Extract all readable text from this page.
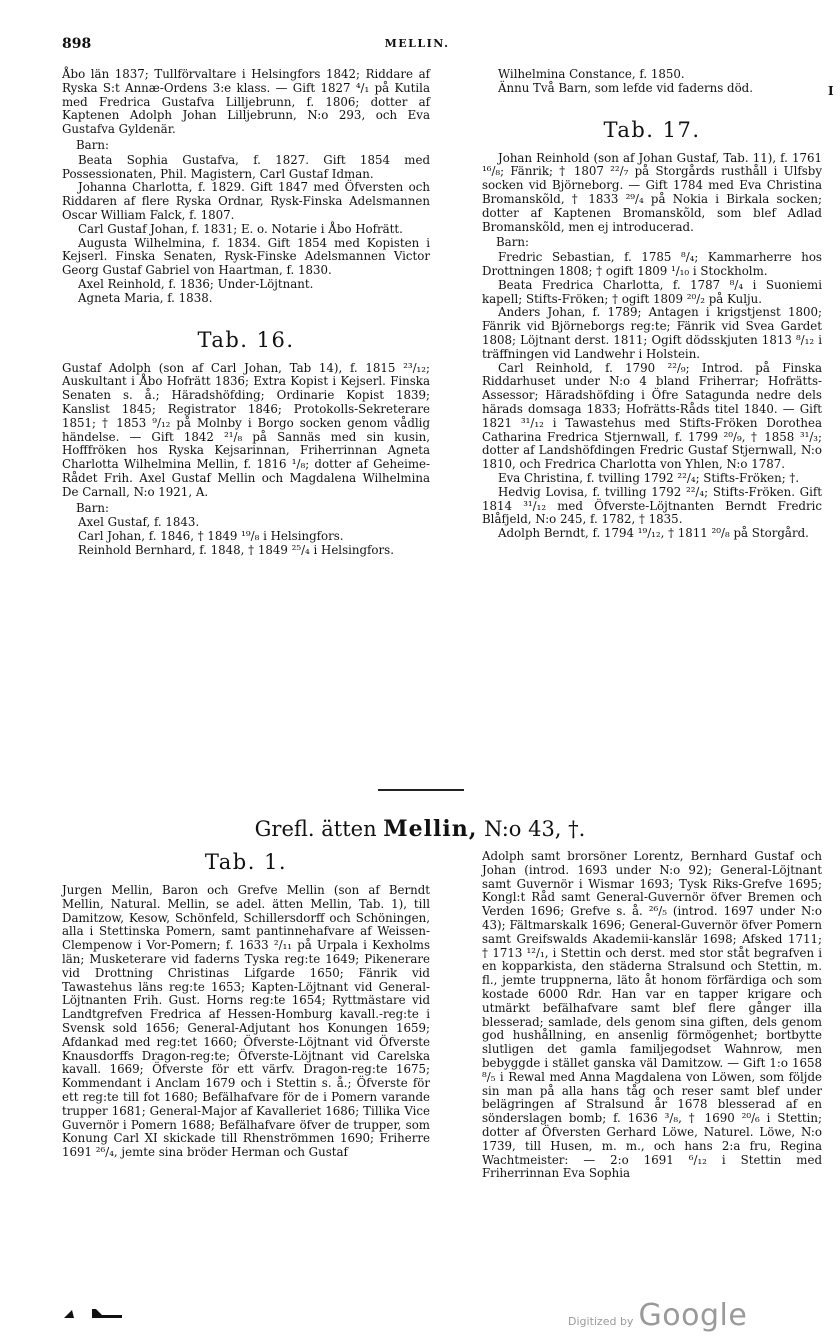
898	MELLIN.
I

Åbo län 1837; Tullförvaltare i Helsingfors 1842; Riddare af Ryska S:t Annæ-Ordens 3:e klass. — Gift 1827 ⁴/₁ på Kutila med Fredrica Gustafva Lilljebrunn, f. 1806; dotter af Kaptenen Adolph Johan Lilljebrunn, N:o 293, och Eva Gustafva Gyldenär.

Barn:

Beata Sophia Gustafva, f. 1827. Gift 1854 med Possessionaten, Phil. Magistern, Carl Gustaf Idman.

Johanna Charlotta, f. 1829. Gift 1847 med Öfversten och Riddaren af flere Ryska Ordnar, Rysk-Finska Adelsmannen Oscar William Falck, f. 1807.

Carl Gustaf Johan, f. 1831; E. o. Notarie i Åbo Hofrätt.

Augusta Wilhelmina, f. 1834. Gift 1854 med Kopisten i Kejserl. Finska Senaten, Rysk-Finske Adelsmannen Victor Georg Gustaf Gabriel von Haartman, f. 1830.

Axel Reinhold, f. 1836; Under-Löjtnant.

Agneta Maria, f. 1838.

Tab. 16.

Gustaf Adolph (son af Carl Johan, Tab 14), f. 1815 ²³/₁₂; Auskultant i Åbo Hofrätt 1836; Extra Kopist i Kejserl. Finska Senaten s. å.; Häradshöfding; Ordinarie Kopist 1839; Kanslist 1845; Registrator 1846; Protokolls-Sekreterare 1851; † 1853 ⁹/₁₂ på Molnby i Borgo socken genom vådlig händelse. — Gift 1842 ²¹/₈ på Sannäs med sin kusin, Hofffröken hos Ryska Kejsarinnan, Friherrinnan Agneta Charlotta Wilhelmina Mellin, f. 1816 ¹/₈; dotter af Geheime-Rådet Frih. Axel Gustaf Mellin och Magdalena Wilhelmina De Carnall, N:o 1921, A.

Barn:

Axel Gustaf, f. 1843.

Carl Johan, f. 1846, † 1849 ¹⁹/₈ i Helsingfors.

Reinhold Bernhard, f. 1848, † 1849 ²⁵/₄ i Helsingfors.

Wilhelmina Constance, f. 1850.

Ännu Två Barn, som lefde vid faderns död.

Tab. 17.

Johan Reinhold (son af Johan Gustaf, Tab. 11), f. 1761 ¹⁶/₈; Fänrik; † 1807 ²²/₇ på Storgårds rusthåll i Ulfsby socken vid Björneborg. — Gift 1784 med Eva Christina Bromanskõld, † 1833 ²⁹/₄ på Nokia i Birkala socken; dotter af Kaptenen Bromanskõld, som blef Adlad Bromanskõld, men ej introducerad.

Barn:

Fredric Sebastian, f. 1785 ⁸/₄; Kammarherre hos Drottningen 1808; † ogift 1809 ¹/₁₀ i Stockholm.

Beata Fredrica Charlotta, f. 1787 ⁸/₄ i Suoniemi kapell; Stifts-Fröken; † ogift 1809 ²⁰/₂ på Kulju.

Anders Johan, f. 1789; Antagen i krigstjenst 1800; Fänrik vid Björneborgs reg:te; Fänrik vid Svea Gardet 1808; Löjtnant derst. 1811; Ogift dödsskjuten 1813 ⁸/₁₂ i träffningen vid Landwehr i Holstein.

Carl Reinhold, f. 1790 ²²/₉; Introd. på Finska Riddarhuset under N:o 4 bland Friherrar; Hofrätts-Assessor; Häradshöfding i Öfre Satagunda nedre dels härads domsaga 1833; Hofrätts-Råds titel 1840. — Gift 1821 ³¹/₁₂ i Tawastehus med Stifts-Fröken Dorothea Catharina Fredrica Stjernwall, f. 1799 ²⁰/₉, † 1858 ³¹/₃; dotter af Landshöfdingen Fredric Gustaf Stjernwall, N:o 1810, och Fredrica Charlotta von Yhlen, N:o 1787.

Eva Christina, f. tvilling 1792 ²²/₄; Stifts-Fröken; †.

Hedvig Lovisa, f. tvilling 1792 ²²/₄; Stifts-Fröken. Gift 1814 ³¹/₁₂ med Öfverste-Löjtnanten Berndt Fredric Blåfjeld, N:o 245, f. 1782, † 1835.

Adolph Berndt, f. 1794 ¹⁹/₁₂, † 1811 ²⁰/₈ på Storgård.

Grefl. ätten Mellin, N:o 43, †.
Tab. 1.

Jurgen Mellin, Baron och Grefve Mellin (son af Berndt Mellin, Natural. Mellin, se adel. ätten Mellin, Tab. 1), till Damitzow, Kesow, Schönfeld, Schillersdorff och Schöningen, alla i Stettinska Pomern, samt pantinnehafvare af Weissen-Clempenow i Vor-Pomern; f. 1633 ²/₁₁ på Urpala i Kexholms län; Musketerare vid faderns Tyska reg:te 1649; Pikenerare vid Drottning Christinas Lifgarde 1650; Fänrik vid Tawastehus läns reg:te 1653; Kapten-Löjtnant vid General-Löjtnanten Frih. Gust. Horns reg:te 1654; Ryttmästare vid Landtgrefven Fredrica af Hessen-Homburg kavall.-reg:te i Svensk sold 1656; General-Adjutant hos Konungen 1659; Afdankad med reg:tet 1660; Öfverste-Löjtnant vid Öfverste Knausdorffs Dragon-reg:te; Öfverste-Löjtnant vid Carelska kavall. 1669; Öfverste för ett värfv. Dragon-reg:te 1675; Kommendant i Anclam 1679 och i Stettin s. å.; Öfverste för ett reg:te till fot 1680; Befälhafvare för de i Pomern varande trupper 1681; General-Major af Kavalleriet 1686; Tillika Vice Guvernör i Pomern 1688; Befälhafvare öfver de trupper, som Konung Carl XI skickade till Rhenströmmen 1690; Friherre 1691 ²⁶/₄, jemte sina bröder Herman och Gustaf

Adolph samt brorsöner Lorentz, Bernhard Gustaf och Johan (introd. 1693 under N:o 92); General-Löjtnant samt Guvernör i Wismar 1693; Tysk Riks-Grefve 1695; Kongl:t Råd samt General-Guvernör öfver Bremen och Verden 1696; Grefve s. å. ²⁶/₅ (introd. 1697 under N:o 43); Fältmarskalk 1696; General-Guvernör öfver Pomern samt Greifswalds Akademii-kanslär 1698; Afsked 1711; † 1713 ¹²/₁, i Stettin och derst. med stor ståt begrafven i en kopparkista, den städerna Stralsund och Stettin, m. fl., jemte truppnerna, läto åt honom förfärdiga och som kostade 6000 Rdr. Han var en tapper krigare och utmärkt befälhafvare samt blef flere gånger illa blesserad; samlade, dels genom sina giften, dels genom god hushållning, en ansenlig förmögenhet; bortbytte slutligen det gamla familjegodset Wahnrow, men bebyggde i stället ganska väl Damitzow. — Gift 1:o 1658 ⁸/₅ i Rewal med Anna Magdalena von Löwen, som följde sin man på alla hans tåg och reser samt blef under belägringen af Stralsund år 1678 blesserad af en sönderslagen bomb; f. 1636 ³/₈, † 1690 ²⁰/₆ i Stettin; dotter af Öfversten Gerhard Löwe, Naturel. Löwe, N:o 1739, till Husen, m. m., och hans 2:a fru, Regina Wachtmeister: — 2:o 1691 ⁶/₁₂ i Stettin med Friherrinnan Eva Sophia

Digitized by Google
